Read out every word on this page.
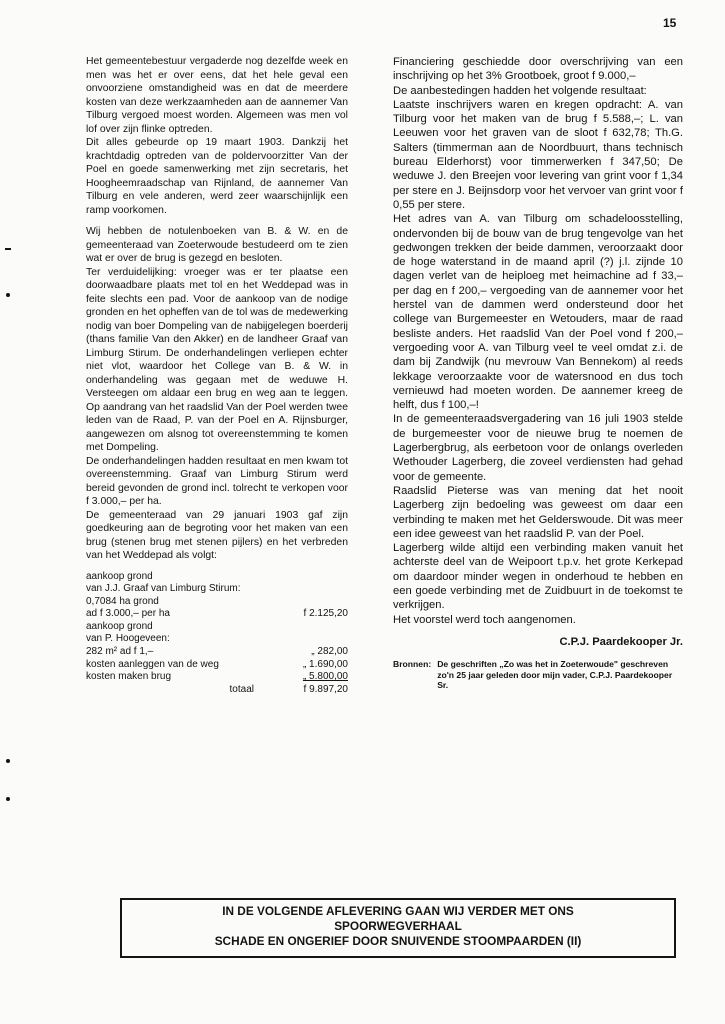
15

Het gemeentebestuur vergaderde nog dezelfde week en men was het er over eens, dat het hele geval een onvoorziene omstandigheid was en dat de meerdere kosten van deze werkzaamheden aan de aannemer Van Tilburg vergoed moest worden. Algemeen was men vol lof over zijn flinke optreden.

Dit alles gebeurde op 19 maart 1903. Dankzij het krachtdadig optreden van de poldervoorzitter Van der Poel en goede samenwerking met zijn secretaris, het Hoogheemraadschap van Rijnland, de aannemer Van Tilburg en vele anderen, werd zeer waarschijnlijk een ramp voorkomen.

Wij hebben de notulenboeken van B. & W. en de gemeenteraad van Zoeterwoude bestudeerd om te zien wat er over de brug is gezegd en besloten.

Ter verduidelijking: vroeger was er ter plaatse een doorwaadbare plaats met tol en het Weddepad was in feite slechts een pad. Voor de aankoop van de nodige gronden en het opheffen van de tol was de medewerking nodig van boer Dompeling van de nabijgelegen boerderij (thans familie Van den Akker) en de landheer Graaf van Limburg Stirum. De onderhandelingen verliepen echter niet vlot, waardoor het College van B. & W. in onderhandeling was gegaan met de weduwe H. Versteegen om aldaar een brug en weg aan te leggen. Op aandrang van het raadslid Van der Poel werden twee leden van de Raad, P. van der Poel en A. Rijnsburger, aangewezen om alsnog tot overeenstemming te komen met Dompeling.

De onderhandelingen hadden resultaat en men kwam tot overeenstemming. Graaf van Limburg Stirum werd bereid gevonden de grond incl. tolrecht te verkopen voor f 3.000,– per ha.

De gemeenteraad van 29 januari 1903 gaf zijn goedkeuring aan de begroting voor het maken van een brug (stenen brug met stenen pijlers) en het verbreden van het Weddepad als volgt:

aankoop grond
van J.J. Graaf van Limburg Stirum:
0,7084 ha grond
ad f 3.000,– per ha	f 2.125,20
aankoop grond
van P. Hoogeveen:
282 m² ad f 1,–	„ 282,00
kosten aanleggen van de weg	„ 1.690,00
kosten maken brug	„ 5.800,00
totaal	f 9.897,20

Financiering geschiedde door overschrijving van een inschrijving op het 3% Grootboek, groot f 9.000,–

De aanbestedingen hadden het volgende resultaat:

Laatste inschrijvers waren en kregen opdracht: A. van Tilburg voor het maken van de brug f 5.588,–; L. van Leeuwen voor het graven van de sloot f 632,78; Th.G. Salters (timmerman aan de Noordbuurt, thans technisch bureau Elderhorst) voor timmerwerken f 347,50; De weduwe J. den Breejen voor levering van grint voor f 1,34 per stere en J. Beijnsdorp voor het vervoer van grint voor f 0,55 per stere.

Het adres van A. van Tilburg om schadeloosstelling, ondervonden bij de bouw van de brug tengevolge van het gedwongen trekken der beide dammen, veroorzaakt door de hoge waterstand in de maand april (?) j.l. zijnde 10 dagen verlet van de heiploeg met heimachine ad f 33,– per dag en f 200,– vergoeding van de aannemer voor het herstel van de dammen werd ondersteund door het college van Burgemeester en Wetouders, maar de raad besliste anders. Het raadslid Van der Poel vond f 200,– vergoeding voor A. van Tilburg veel te veel omdat z.i. de dam bij Zandwijk (nu mevrouw Van Bennekom) al reeds lekkage veroorzaakte voor de watersnood en dus toch vernieuwd had moeten worden. De aannemer kreeg de helft, dus f 100,–!

In de gemeenteraadsvergadering van 16 juli 1903 stelde de burgemeester voor de nieuwe brug te noemen de Lagerbergbrug, als eerbetoon voor de onlangs overleden Wethouder Lagerberg, die zoveel verdiensten had gehad voor de gemeente.

Raadslid Pieterse was van mening dat het nooit Lagerberg zijn bedoeling was geweest om daar een verbinding te maken met het Gelderswoude. Dit was meer een idee geweest van het raadslid P. van der Poel.

Lagerberg wilde altijd een verbinding maken vanuit het achterste deel van de Weipoort t.p.v. het grote Kerkepad om daardoor minder wegen in onderhoud te hebben en een goede verbinding met de Zuidbuurt in de toekomst te verkrijgen.

Het voorstel werd toch aangenomen.

C.P.J. Paardekooper Jr.
Bronnen: De geschriften „Zo was het in Zoeterwoude" geschreven zo'n 25 jaar geleden door mijn vader, C.P.J. Paardekooper Sr.
IN DE VOLGENDE AFLEVERING GAAN WIJ VERDER MET ONS
SPOORWEGVERHAAL
SCHADE EN ONGERIEF DOOR SNUIVENDE STOOMPAARDEN (II)
